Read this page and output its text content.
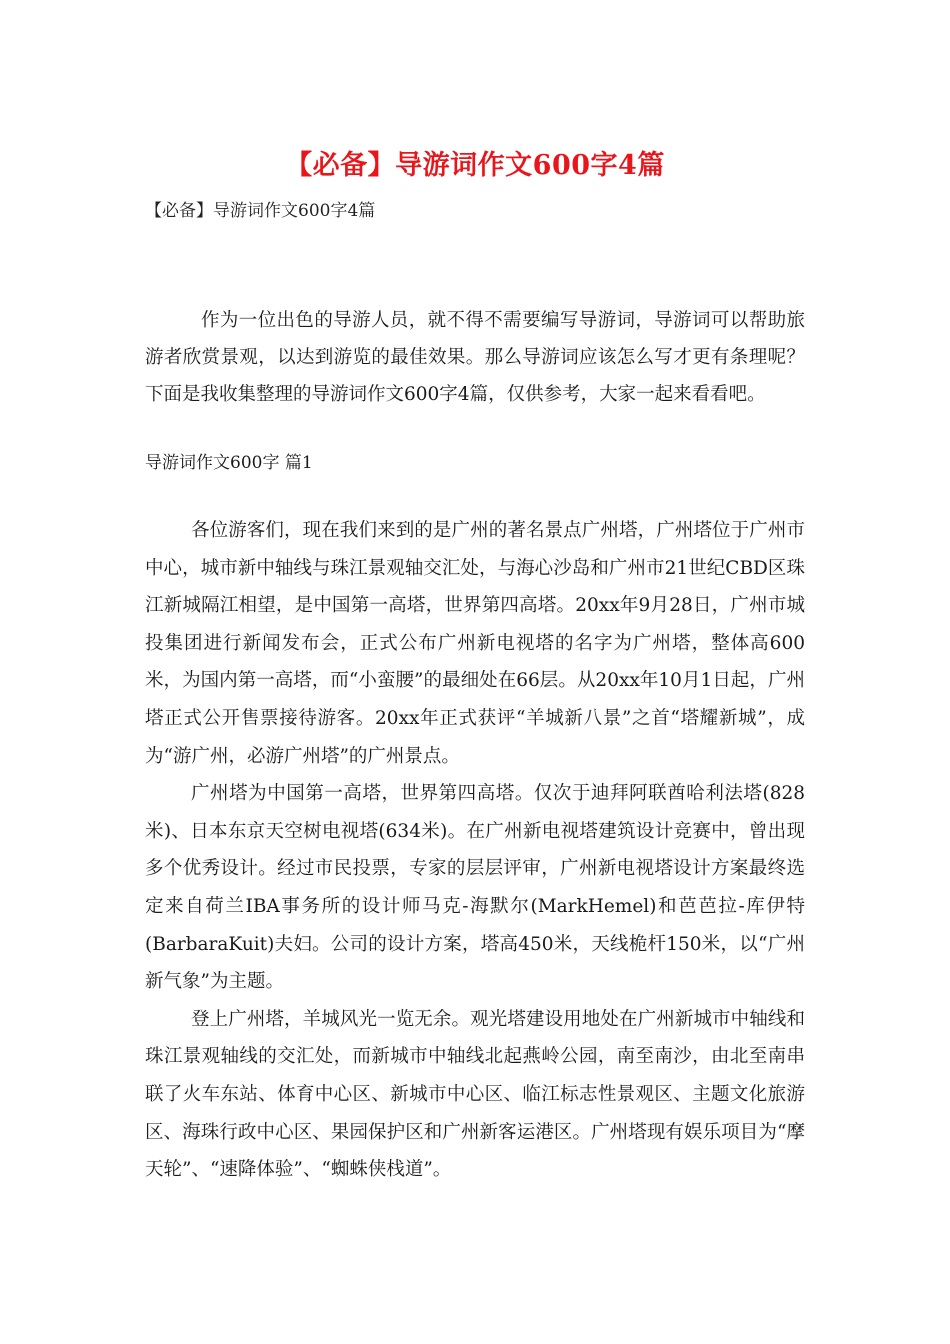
【必备】导游词作文600字4篇
【必备】导游词作文600字4篇

作为一位出色的导游人员，就不得不需要编写导游词，导游词可以帮助旅游者欣赏景观，以达到游览的最佳效果。那么导游词应该怎么写才更有条理呢？下面是我收集整理的导游词作文600字4篇，仅供参考，大家一起来看看吧。

导游词作文600字 篇1

各位游客们，现在我们来到的是广州的著名景点广州塔，广州塔位于广州市中心，城市新中轴线与珠江景观轴交汇处，与海心沙岛和广州市21世纪CBD区珠江新城隔江相望，是中国第一高塔，世界第四高塔。20xx年9月28日，广州市城投集团进行新闻发布会，正式公布广州新电视塔的名字为广州塔，整体高600米，为国内第一高塔，而“小蛮腰”的最细处在66层。从20xx年10月1日起，广州塔正式公开售票接待游客。20xx年正式获评“羊城新八景”之首“塔耀新城”，成为“游广州，必游广州塔”的广州景点。

广州塔为中国第一高塔，世界第四高塔。仅次于迪拜阿联酋哈利法塔(828米)、日本东京天空树电视塔(634米)。在广州新电视塔建筑设计竞赛中，曾出现多个优秀设计。经过市民投票，专家的层层评审，广州新电视塔设计方案最终选定来自荷兰IBA事务所的设计师马克-海默尔(MarkHemel)和芭芭拉-库伊特(BarbaraKuit)夫妇。公司的设计方案，塔高450米，天线桅杆150米，以“广州新气象”为主题。

登上广州塔，羊城风光一览无余。观光塔建设用地处在广州新城市中轴线和珠江景观轴线的交汇处，而新城市中轴线北起燕岭公园，南至南沙，由北至南串联了火车东站、体育中心区、新城市中心区、临江标志性景观区、主题文化旅游区、海珠行政中心区、果园保护区和广州新客运港区。广州塔现有娱乐项目为“摩天轮”、“速降体验”、“蜘蛛侠栈道”。
